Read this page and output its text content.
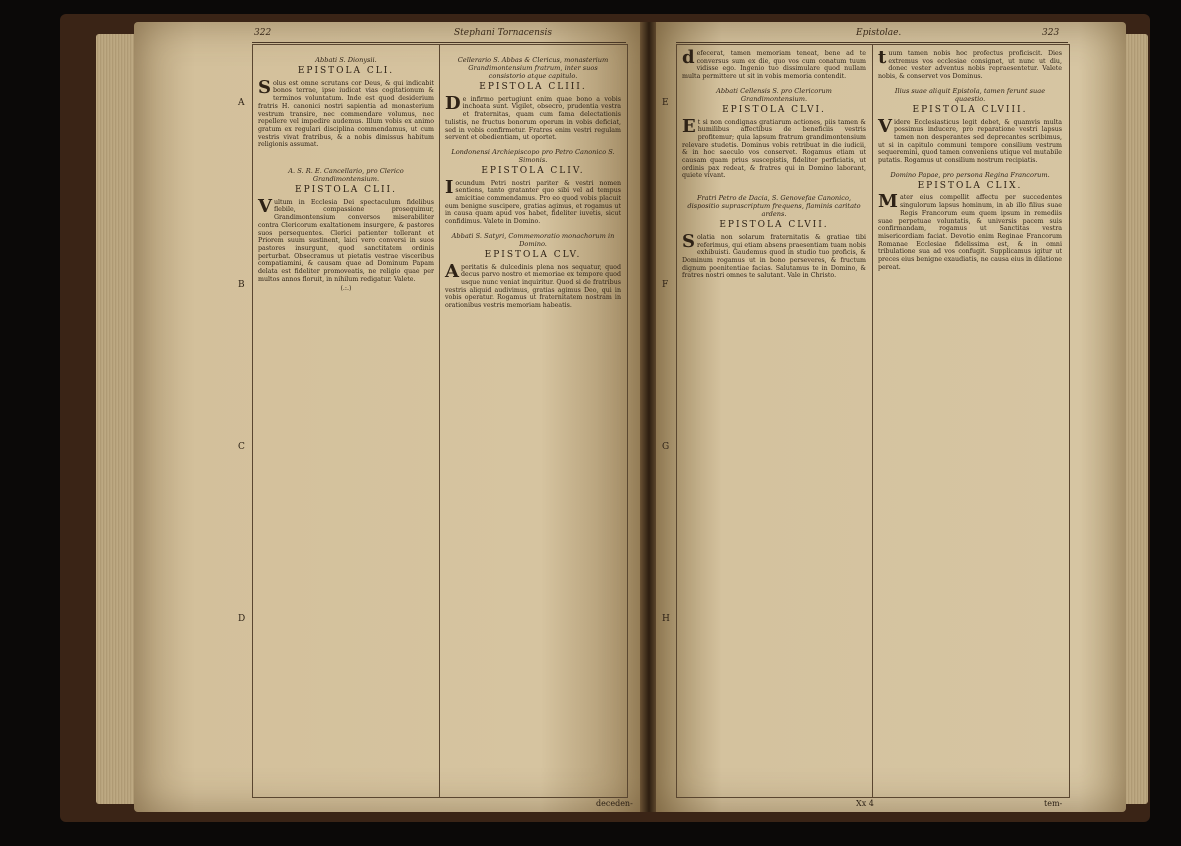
322	Stephani Tornacensis
Abbati S. Dionysii.
EPISTOLA CLI.

Solus est omne scrutans cor Deus, & qui indicabit bonos terrae, ipse iudicat vias cogitationum & terminos voluntatum. Inde est quod desiderium fratris H. canonici nostri sapientia ad monasterium vestrum transire, nec commendare volumus, nec repellere vel impedire audemus. Illum vobis ex animo gratum ex regulari disciplina commendamus, ut cum vestris vivat fratribus, & a nobis dimissus habitum religionis assumat.

A. S. R. E. Cancellario, pro Clerico Grandimontensium.
EPISTOLA CLII.

Vultum in Ecclesia Dei spectaculum fidelibus flebile, compassione prosequimur, Grandimontensium conversos miserabiliter contra Clericorum exaltationem insurgere, & pastores suos persequentes. Clerici patienter tollerant et Priorem suum sustinent, laici vero conversi in suos pastores insurgunt, quod sanctitatem ordinis perturbat. Obsecramus ut pietatis vestrae visceribus compatiamini, & causam quae ad Dominum Papam delata est fideliter promoveatis, ne religio quae per multos annos floruit, in nihilum redigatur. Valete.

(.:.)
Cellerario S. Abbas & Clericus, monasterium Grandimontensium fratrum, inter suos consistorio atque capitulo.
EPISTOLA CLIII.

De infirmo pertugiunt enim quae bono a vobis inchoata sunt. Vigilet, obsecro, prudentia vestra et fraternitas, quam cum fama delectationis tulistis, ne fructus bonorum operum in vobis deficiat, sed in vobis confirmetur. Fratres enim vestri regulam servent et obedientiam, ut oportet.

Londonensi Archiepiscopo pro Petro Canonico S. Simonis.
EPISTOLA CLIV.

Iocundum Petri nostri pariter & vestri nomen sentiens, tanto gratanter quo sibi vel ad tempus amicitiae commendamus. Pro eo quod vobis placuit eum benigne suscipere, gratias agimus, et rogamus ut in causa quam apud vos habet, fideliter iuvetis, sicut confidimus. Valete in Domino.

Abbati S. Satyri, Commemoratio monachorum in Domino.
EPISTOLA CLV.

Aperitatis & dulcedinis plena nos sequatur, quod decus parvo nostro et memoriae ex tempore quod usque nunc veniat inquiritur. Quod si de fratribus vestris aliquid audivimus, gratias agimus Deo, qui in vobis operatur. Rogamus ut fraternitatem nostram in orationibus vestris memoriam habeatis.

deceden-
A
B
C
D
Epistolae.	323

defecerat, tamen memoriam teneat, bene ad te conversus sum ex die, quo vos cum conatum tuum vidisse ego. Ingenio tuo dissimulare quod nullam multa permittere ut sit in vobis memoria contendit.

Abbati Cellensis S. pro Clericorum Grandimontensium.
EPISTOLA CLVI.

Et si non condignas gratiarum actiones, piis tamen & humilibus affectibus de beneficiis vestris profitemur; quia lapsum fratrum grandimontensium relevare studetis. Dominus vobis retribuat in die iudicii, & in hoc saeculo vos conservet. Rogamus etiam ut causam quam prius suscepistis, fideliter perficiatis, ut ordinis pax redeat, & fratres qui in Domino laborant, quiete vivant.

Fratri Petro de Dacia, S. Genovefae Canonico, dispositio suprascriptum frequens, flaminis caritato ardens.
EPISTOLA CLVII.

Solatia non solarum fraternitatis & gratiae tibi referimus, qui etiam absens praesentiam tuam nobis exhibuisti. Gaudemus quod in studio tuo proficis, & Dominum rogamus ut in bono perseveres, & fructum dignum poenitentiae facias. Salutamus te in Domino, & fratres nostri omnes te salutant. Vale in Christo.

tuum tamen nobis hoc profectus proficiscit. Dies extremus vos ecclesiae consignet, ut nunc ut diu, donec vester adventus nobis repraesentetur. Valete nobis, & conservet vos Dominus.

Ilius suae aliquit Epistola, tamen ferunt suae quaestio.
EPISTOLA CLVIII.

Videre Ecclesiasticus legit debet, & quamvis multa possimus inducere, pro reparatione vestri lapsus tamen non desperantes sed deprecantes scribimus, ut si in capitulo communi tempore consilium vestrum sequeremini, quod tamen conveniens utique vel mutabile putatis. Rogamus ut consilium nostrum recipiatis.

Domino Papae, pro persona Regina Francorum.
EPISTOLA CLIX.

Mater eius compellit affectu per succedentes singulorum lapsus hominum, in ab illo filius suae Regis Francorum eum quem ipsum in remediis suae perpetuae voluntatis, & universis pacem suis confirmandam, rogamus ut Sanctitas vestra misericordiam faciat. Devotio enim Reginae Francorum Romanae Ecclesiae fidelissima est, & in omni tribulatione sua ad vos confugit. Supplicamus igitur ut preces eius benigne exaudiatis, ne causa eius in dilatione pereat.

Xx 4	tem-
E
F
G
H
